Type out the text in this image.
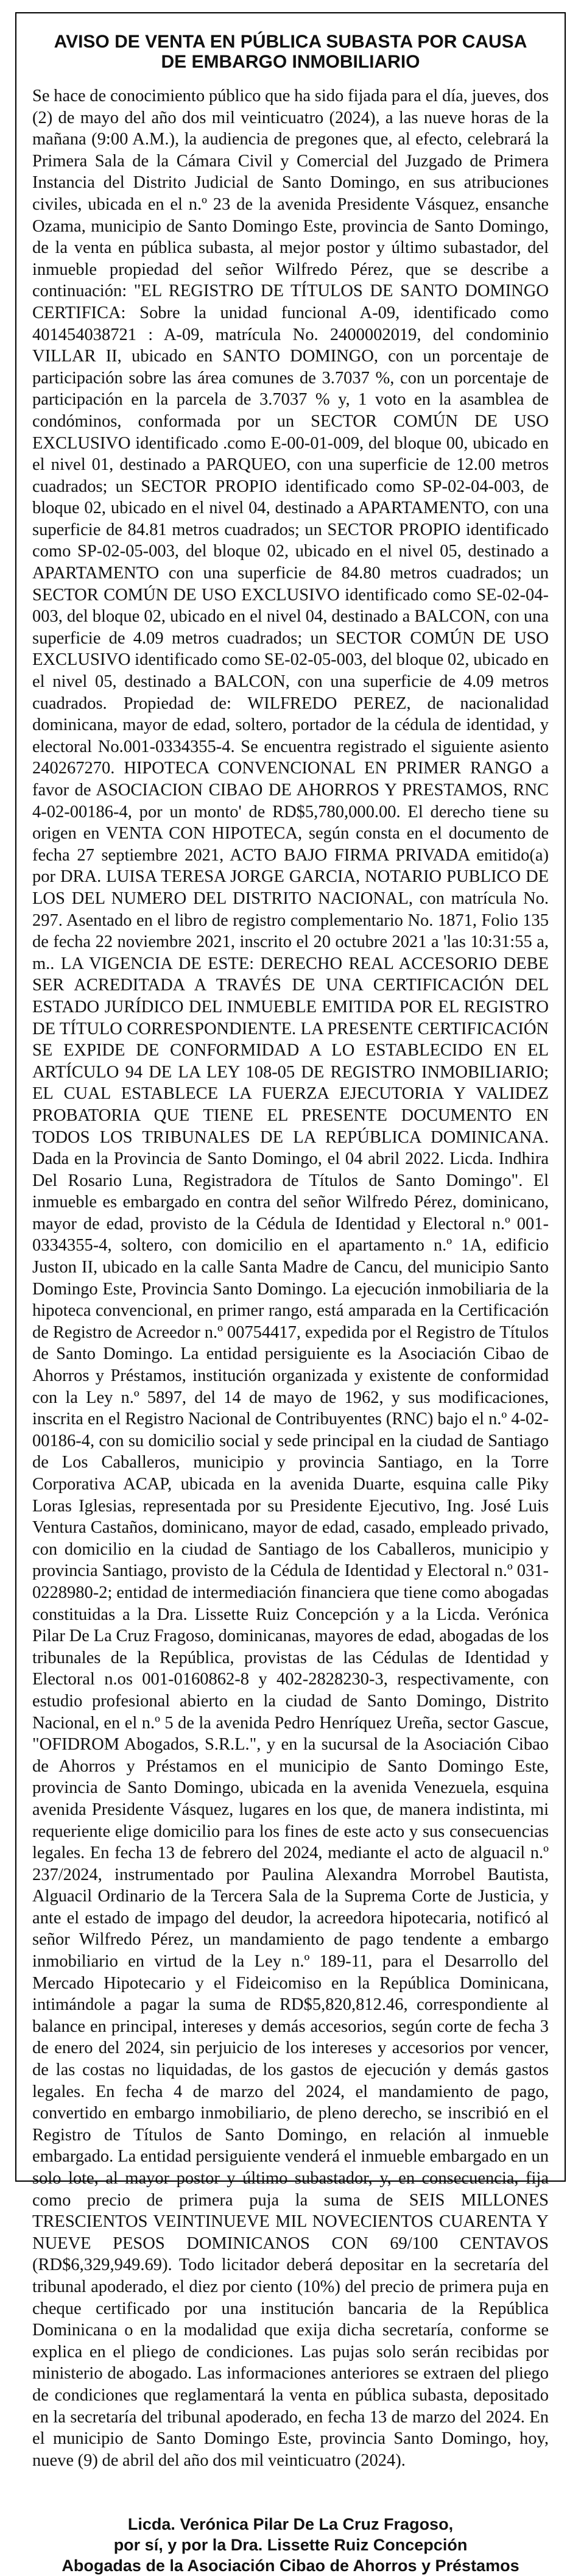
AVISO DE VENTA EN PÚBLICA SUBASTA POR CAUSA
DE EMBARGO INMOBILIARIO

Se hace de conocimiento público que ha sido fijada para el día, jueves, dos (2) de mayo del año dos mil veinticuatro (2024), a las nueve horas de la mañana (9:00 A.M.), la audiencia de pregones que, al efecto, celebrará la Primera Sala de la Cámara Civil y Comercial del Juzgado de Primera Instancia del Distrito Judicial de Santo Domingo, en sus atribuciones civiles, ubicada en el n.º 23 de la avenida Presidente Vásquez, ensanche Ozama, municipio de Santo Domingo Este, provincia de Santo Domingo, de la venta en pública subasta, al mejor postor y último subastador, del inmueble propiedad del señor Wilfredo Pérez, que se describe a continuación: "EL REGISTRO DE TÍTULOS DE SANTO DOMINGO CERTIFICA: Sobre la unidad funcional A-09, identificado como 401454038721 : A-09, matrícula No. 2400002019, del condominio VILLAR II, ubicado en SANTO DOMINGO, con un porcentaje de participación sobre las área comunes de 3.7037 %, con un porcentaje de participación en la parcela de 3.7037 % y, 1 voto en la asamblea de condóminos, conformada por un SECTOR COMÚN DE USO EXCLUSIVO identificado .como E-00-01-009, del bloque 00, ubicado en el nivel 01, destinado a PARQUEO, con una superficie de 12.00 metros cuadrados; un SECTOR PROPIO identificado como SP-02-04-003, de bloque 02, ubicado en el nivel 04, destinado a APARTAMENTO, con una superficie de 84.81 metros cuadrados; un SECTOR PROPIO identificado como SP-02-05-003, del bloque 02, ubicado en el nivel 05, destinado a APARTAMENTO con una superficie de 84.80 metros cuadrados; un SECTOR COMÚN DE USO EXCLUSIVO identificado como SE-02-04- 003, del bloque 02, ubicado en el nivel 04, destinado a BALCON, con una superficie de 4.09 metros cuadrados; un SECTOR COMÚN DE USO EXCLUSIVO identificado como SE-02-05-003, del bloque 02, ubicado en el nivel 05, destinado a BALCON, con una superficie de 4.09 metros cuadrados. Propiedad de: WILFREDO PEREZ, de nacionalidad dominicana, mayor de edad, soltero, portador de la cédula de identidad, y electoral No.001-0334355-4. Se encuentra registrado el siguiente asiento 240267270. HIPOTECA CONVENCIONAL EN PRIMER RANGO a favor de ASOCIACION CIBAO DE AHORROS Y PRESTAMOS, RNC 4-02-00186-4, por un monto' de RD$5,780,000.00. El derecho tiene su origen en VENTA CON HIPOTECA, según consta en el documento de fecha 27 septiembre 2021, ACTO BAJO FIRMA PRIVADA emitido(a) por DRA. LUISA TERESA JORGE GARCIA, NOTARIO PUBLICO DE LOS DEL NUMERO DEL DISTRITO NACIONAL, con matrícula No. 297. Asentado en el libro de registro complementario No. 1871, Folio 135 de fecha 22 noviembre 2021, inscrito el 20 octubre 2021 a 'las 10:31:55 a, m.. LA VIGENCIA DE ESTE: DERECHO REAL ACCESORIO DEBE SER ACREDITADA A TRAVÉS DE UNA CERTIFICACIÓN DEL ESTADO JURÍDICO DEL INMUEBLE EMITIDA POR EL REGISTRO DE TÍTULO CORRESPONDIENTE. LA PRESENTE CERTIFICACIÓN SE EXPIDE DE CONFORMIDAD A LO ESTABLECIDO EN EL ARTÍCULO 94 DE LA LEY 108-05 DE REGISTRO INMOBILIARIO; EL CUAL ESTABLECE LA FUERZA EJECUTORIA Y VALIDEZ PROBATORIA QUE TIENE EL PRESENTE DOCUMENTO EN TODOS LOS TRIBUNALES DE LA REPÚBLICA DOMINICANA. Dada en la Provincia de Santo Domingo, el 04 abril 2022. Licda. Indhira Del Rosario Luna, Registradora de Títulos de Santo Domingo". El inmueble es embargado en contra del señor Wilfredo Pérez, dominicano, mayor de edad, provisto de la Cédula de Identidad y Electoral n.º 001-0334355-4, soltero, con domicilio en el apartamento n.º 1A, edificio Juston II, ubicado en la calle Santa Madre de Cancu, del municipio Santo Domingo Este, Provincia Santo Domingo. La ejecución inmobiliaria de la hipoteca convencional, en primer rango, está amparada en la Certificación de Registro de Acreedor n.º 00754417, expedida por el Registro de Títulos de Santo Domingo. La entidad persiguiente es la Asociación Cibao de Ahorros y Préstamos, institución organizada y existente de conformidad con la Ley n.º 5897, del 14 de mayo de 1962, y sus modificaciones, inscrita en el Registro Nacional de Contribuyentes (RNC) bajo el n.º 4-02-00186-4, con su domicilio social y sede principal en la ciudad de Santiago de Los Caballeros, municipio y provincia Santiago, en la Torre Corporativa ACAP, ubicada en la avenida Duarte, esquina calle Piky Loras Iglesias, representada por su Presidente Ejecutivo, Ing. José Luis Ventura Castaños, dominicano, mayor de edad, casado, empleado privado, con domicilio en la ciudad de Santiago de los Caballeros, municipio y provincia Santiago, provisto de la Cédula de Identidad y Electoral n.º 031-0228980-2; entidad de intermediación financiera que tiene como abogadas constituidas a la Dra. Lissette Ruiz Concepción y a la Licda. Verónica Pilar De La Cruz Fragoso, dominicanas, mayores de edad, abogadas de los tribunales de la República, provistas de las Cédulas de Identidad y Electoral n.os 001-0160862-8 y 402-2828230-3, respectivamente, con estudio profesional abierto en la ciudad de Santo Domingo, Distrito Nacional, en el n.º 5 de la avenida Pedro Henríquez Ureña, sector Gascue, "OFIDROM Abogados, S.R.L.", y en la sucursal de la Asociación Cibao de Ahorros y Préstamos en el municipio de Santo Domingo Este, provincia de Santo Domingo, ubicada en la avenida Venezuela, esquina avenida Presidente Vásquez, lugares en los que, de manera indistinta, mi requeriente elige domicilio para los fines de este acto y sus consecuencias legales. En fecha 13 de febrero del 2024, mediante el acto de alguacil n.º 237/2024, instrumentado por Paulina Alexandra Morrobel Bautista, Alguacil Ordinario de la Tercera Sala de la Suprema Corte de Justicia, y ante el estado de impago del deudor, la acreedora hipotecaria, notificó al señor Wilfredo Pérez, un mandamiento de pago tendente a embargo inmobiliario en virtud de la Ley n.º 189-11, para el Desarrollo del Mercado Hipotecario y el Fideicomiso en la República Dominicana, intimándole a pagar la suma de RD$5,820,812.46, correspondiente al balance en principal, intereses y demás accesorios, según corte de fecha 3 de enero del 2024, sin perjuicio de los intereses y accesorios por vencer, de las costas no liquidadas, de los gastos de ejecución y demás gastos legales. En fecha 4 de marzo del 2024, el mandamiento de pago, convertido en embargo inmobiliario, de pleno derecho, se inscribió en el Registro de Títulos de Santo Domingo, en relación al inmueble embargado. La entidad persiguiente venderá el inmueble embargado en un solo lote, al mayor postor y último subastador, y, en consecuencia, fija como precio de primera puja la suma de SEIS MILLONES TRESCIENTOS VEINTINUEVE MIL NOVECIENTOS CUARENTA Y NUEVE PESOS DOMINICANOS CON 69/100 CENTAVOS (RD$6,329,949.69). Todo licitador deberá depositar en la secretaría del tribunal apoderado, el diez por ciento (10%) del precio de primera puja en cheque certificado por una institución bancaria de la República Dominicana o en la modalidad que exija dicha secretaría, conforme se explica en el pliego de condiciones. Las pujas solo serán recibidas por ministerio de abogado. Las informaciones anteriores se extraen del pliego de condiciones que reglamentará la venta en pública subasta, depositado en la secretaría del tribunal apoderado, en fecha 13 de marzo del 2024. En el municipio de Santo Domingo Este, provincia Santo Domingo, hoy, nueve (9) de abril del año dos mil veinticuatro (2024).

Licda. Verónica Pilar De La Cruz Fragoso,
por sí, y por la Dra. Lissette Ruiz Concepción
Abogadas de la Asociación Cibao de Ahorros y Préstamos
